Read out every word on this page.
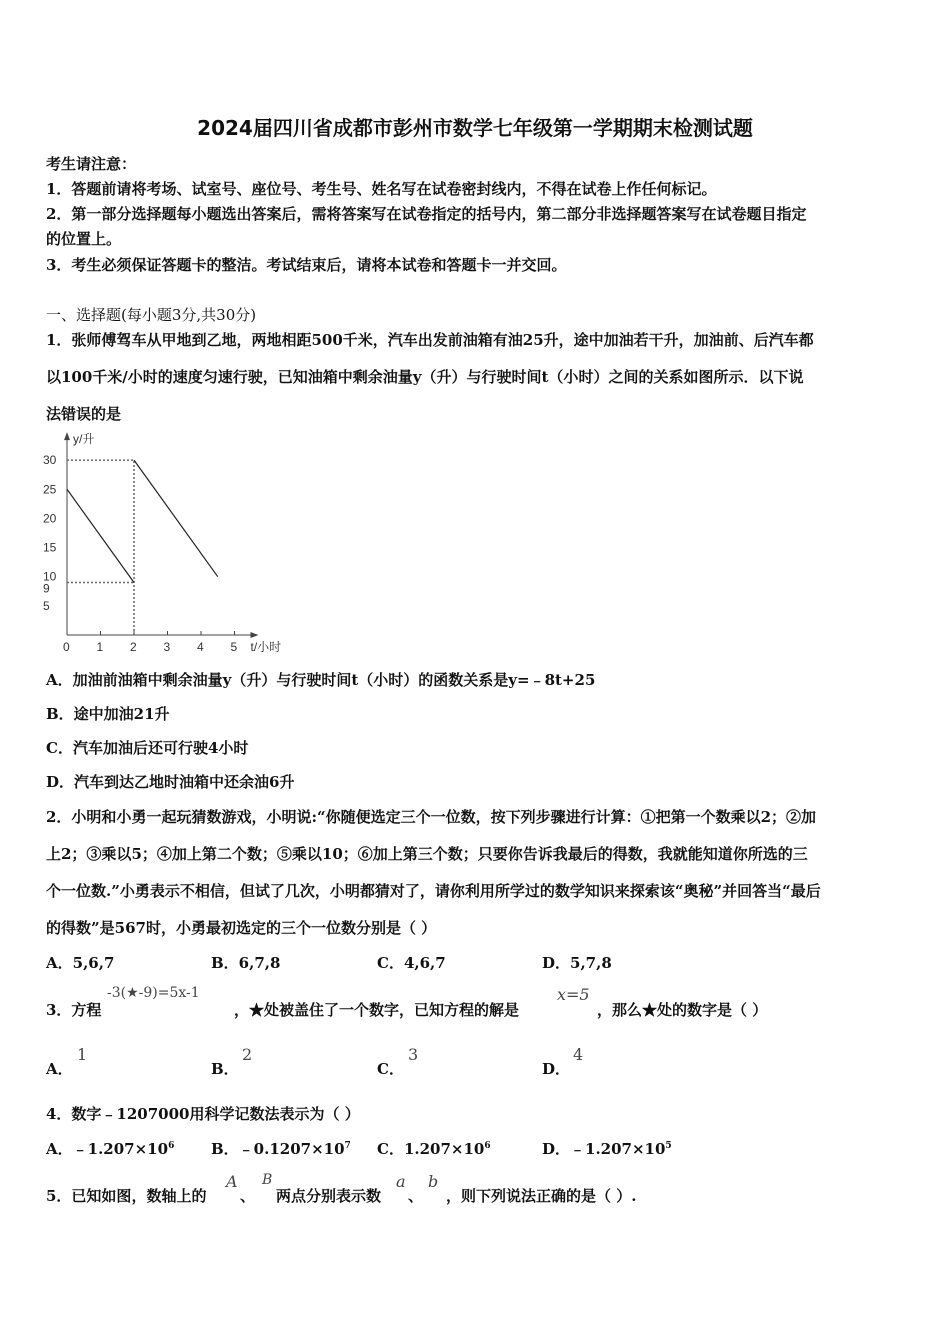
2024届四川省成都市彭州市数学七年级第一学期期末检测试题
考生请注意：
1．答题前请将考场、试室号、座位号、考生号、姓名写在试卷密封线内，不得在试卷上作任何标记。
2．第一部分选择题每小题选出答案后，需将答案写在试卷指定的括号内，第二部分非选择题答案写在试卷题目指定
的位置上。
3．考生必须保证答题卡的整洁。考试结束后，请将本试卷和答题卡一并交回。
一、选择题(每小题3分,共30分)
1．张师傅驾车从甲地到乙地，两地相距500千米，汽车出发前油箱有油25升，途中加油若干升，加油前、后汽车都
以100千米/小时的速度匀速行驶，已知油箱中剩余油量y（升）与行驶时间t（小时）之间的关系如图所示．以下说
法错误的是
y/升
t/小时
0 1 2 3 4 5
5
9
10
15
20
25
30
A．加油前油箱中剩余油量y（升）与行驶时间t（小时）的函数关系是y=﹣8t+25
B．途中加油21升
C．汽车加油后还可行驶4小时
D．汽车到达乙地时油箱中还余油6升
2．小明和小勇一起玩猜数游戏，小明说:“你随便选定三个一位数，按下列步骤进行计算：①把第一个数乘以2；②加
上2；③乘以5；④加上第二个数；⑤乘以10；⑥加上第三个数；只要你告诉我最后的得数，我就能知道你所选的三
个一位数.”小勇表示不相信，但试了几次，小明都猜对了，请你利用所学过的数学知识来探索该“奥秘”并回答当“最后
的得数”是567时，小勇最初选定的三个一位数分别是（ ）
A．5,6,7	B．6,7,8	C．4,6,7	D．5,7,8
3．方程
-3(★-9)=5x-1
，★处被盖住了一个数字，已知方程的解是
x=5
，那么★处的数字是（ ）
A．
1
B．
2
C．
3
D．
4
4．数字﹣1207000用科学记数法表示为（ ）
A．$﹣1.207\times 10^6$ B．$﹣0.1207\times 10^7$ C．$1.207\times 10^6$	D．$﹣1.207\times 10^5$
5．已知如图，数轴上的
A
、
B
两点分别表示数
a
、
b
，则下列说法正确的是（ ）.
